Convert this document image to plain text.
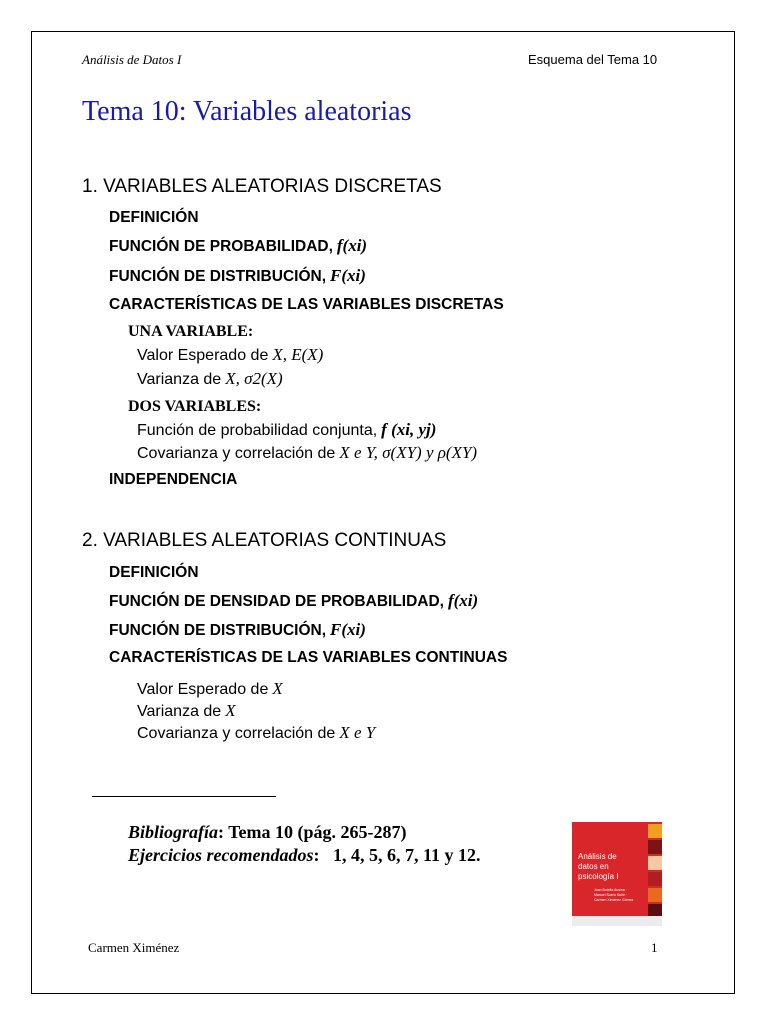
Análisis de Datos I	Esquema del Tema 10
Tema 10: Variables aleatorias
1. VARIABLES ALEATORIAS DISCRETAS
DEFINICIÓN
FUNCIÓN DE PROBABILIDAD, f(xi)
FUNCIÓN DE DISTRIBUCIÓN, F(xi)
CARACTERÍSTICAS DE LAS VARIABLES DISCRETAS
UNA VARIABLE:
Valor Esperado de X, E(X)
Varianza de X, σ2(X)
DOS VARIABLES:
Función de probabilidad conjunta, f (xi, yj)
Covarianza y correlación de X e Y, σ(XY) y ρ(XY)
INDEPENDENCIA
2. VARIABLES ALEATORIAS CONTINUAS
DEFINICIÓN
FUNCIÓN DE DENSIDAD DE PROBABILIDAD, f(xi)
FUNCIÓN DE DISTRIBUCIÓN, F(xi)
CARACTERÍSTICAS DE LAS VARIABLES CONTINUAS
Valor Esperado de X
Varianza de X
Covarianza y correlación de X e Y
Bibliografía: Tema 10 (pág. 265-287)
Ejercicios recomendados:   1, 4, 5, 6, 7, 11 y 12.	Análisis de datos en psicología I
Juan Botella Ausina · Manuel Suero Suñe · Carmen Ximénez Gómez
Carmen Ximénez	1
